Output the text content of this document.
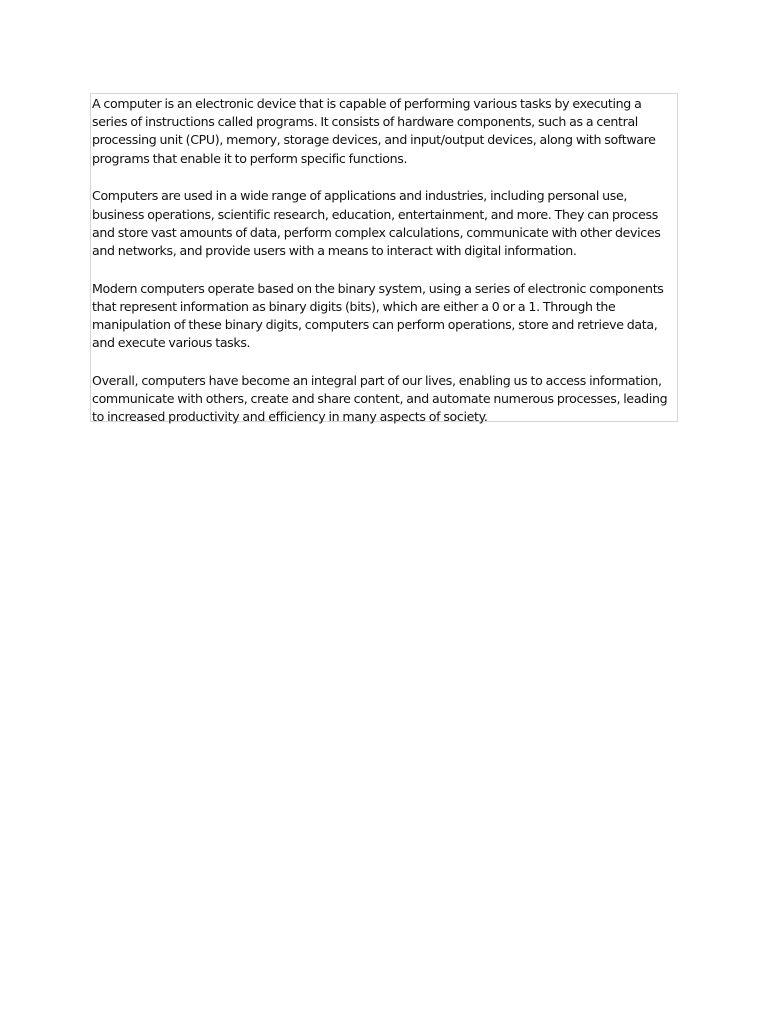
A computer is an electronic device that is capable of performing various tasks by executing a series of instructions called programs. It consists of hardware components, such as a central processing unit (CPU), memory, storage devices, and input/output devices, along with software programs that enable it to perform specific functions.

Computers are used in a wide range of applications and industries, including personal use, business operations, scientific research, education, entertainment, and more. They can process and store vast amounts of data, perform complex calculations, communicate with other devices and networks, and provide users with a means to interact with digital information.

Modern computers operate based on the binary system, using a series of electronic components that represent information as binary digits (bits), which are either a 0 or a 1. Through the manipulation of these binary digits, computers can perform operations, store and retrieve data, and execute various tasks.

Overall, computers have become an integral part of our lives, enabling us to access information, communicate with others, create and share content, and automate numerous processes, leading to increased productivity and efficiency in many aspects of society.
